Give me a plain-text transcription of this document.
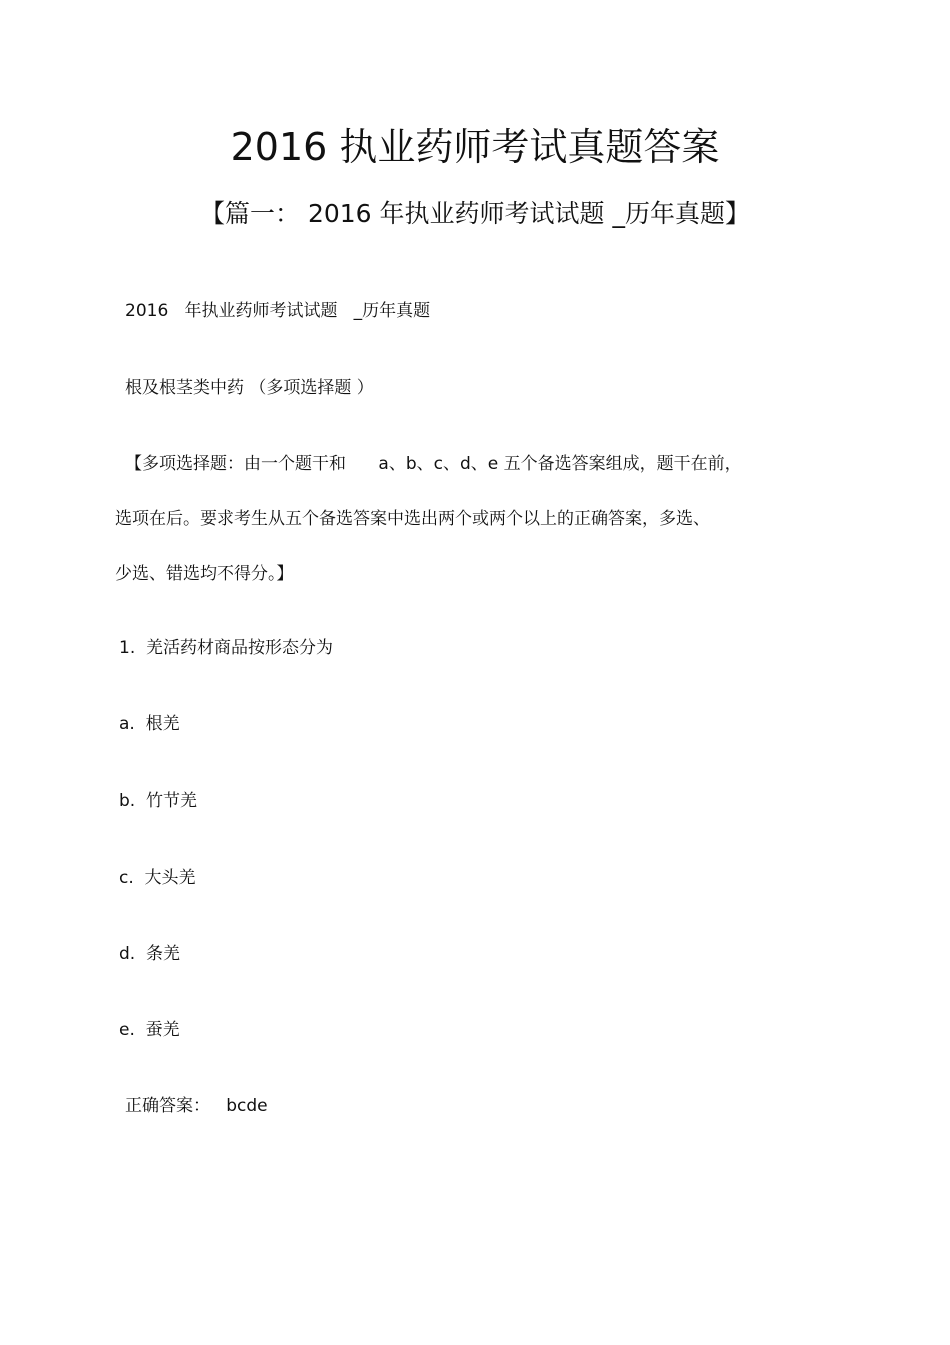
2016 执业药师考试真题答案
【篇一： 2016 年执业药师考试试题 _历年真题】
2016   年执业药师考试试题   _历年真题
根及根茎类中药 （多项选择题 ）
【多项选择题：由一个题干和      a、b、c、d、e 五个备选答案组成，题干在前，
选项在后。要求考生从五个备选答案中选出两个或两个以上的正确答案，多选、
少选、错选均不得分。】
1.  羌活药材商品按形态分为
a.  根羌
b.  竹节羌
c.  大头羌
d.  条羌
e.  蚕羌
正确答案：   bcde
